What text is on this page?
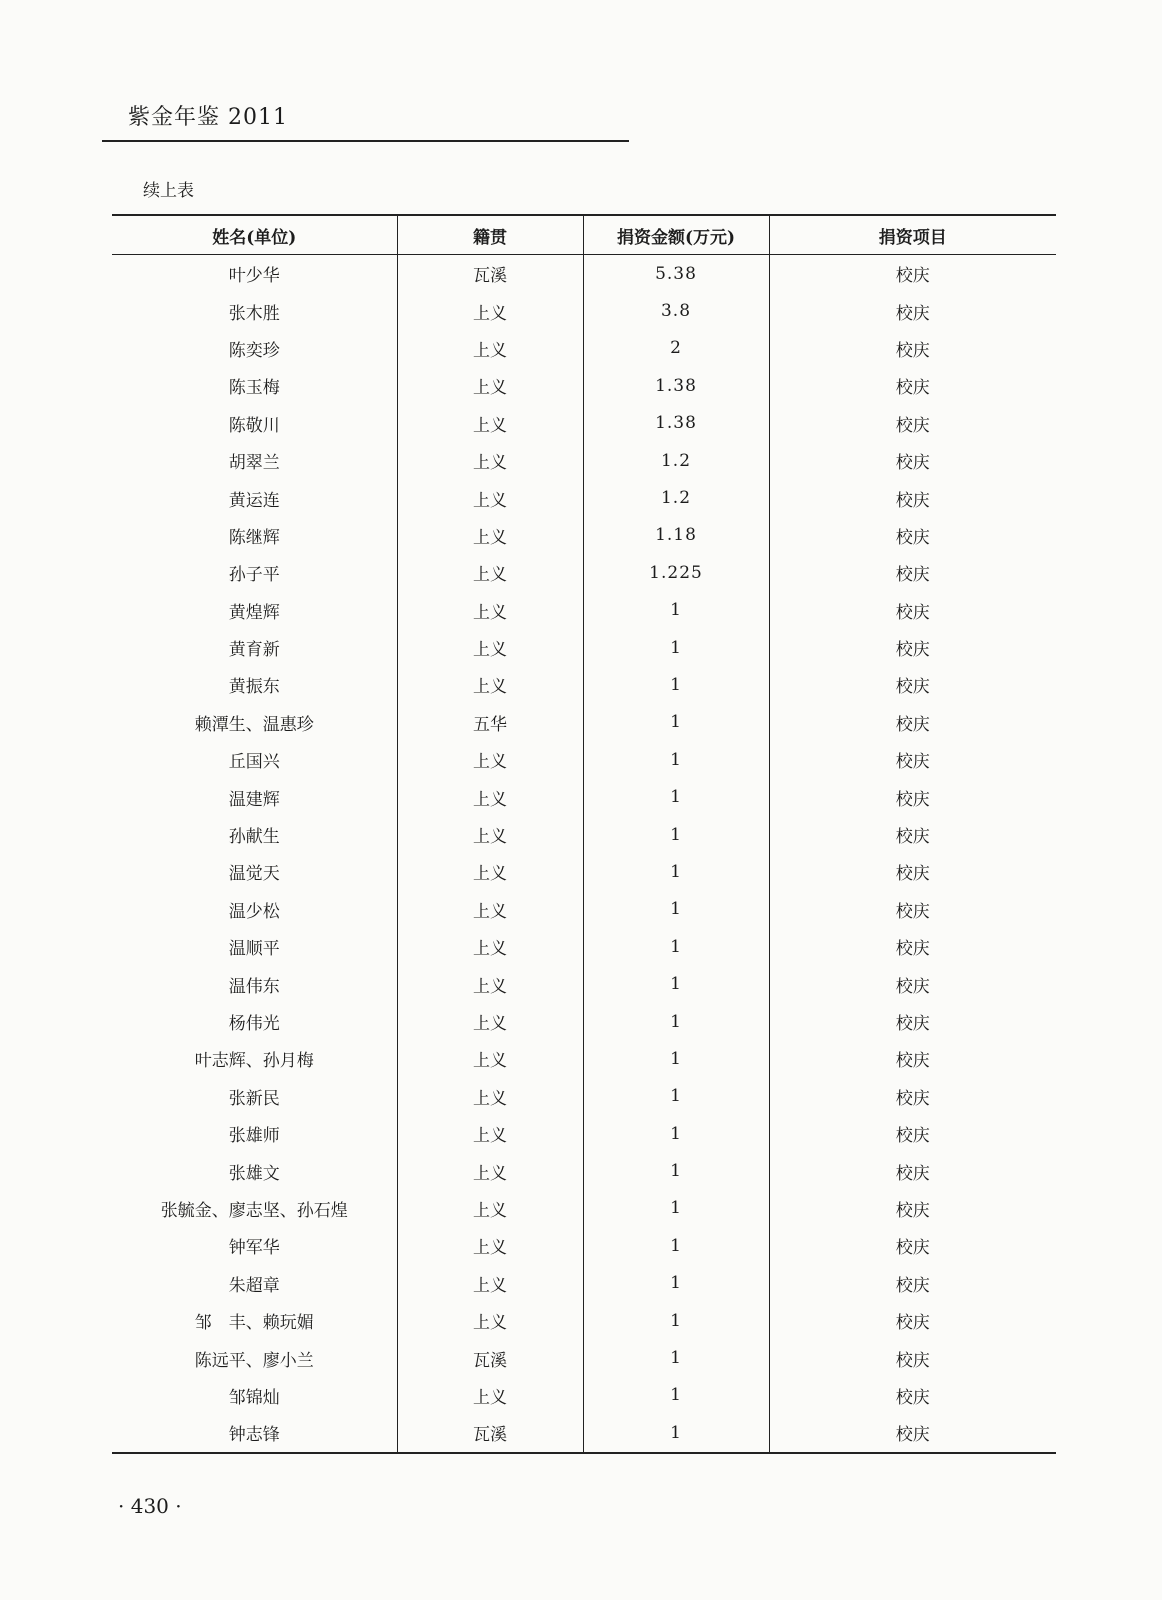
紫金年鉴 2011
续上表
姓名(单位)	籍贯	捐资金额(万元)	捐资项目
叶少华	瓦溪	5.38	校庆
张木胜	上义	3.8	校庆
陈奕珍	上义	2	校庆
陈玉梅	上义	1.38	校庆
陈敬川	上义	1.38	校庆
胡翠兰	上义	1.2	校庆
黄运连	上义	1.2	校庆
陈继辉	上义	1.18	校庆
孙子平	上义	1.225	校庆
黄煌辉	上义	1	校庆
黄育新	上义	1	校庆
黄振东	上义	1	校庆
赖潭生、温惠珍	五华	1	校庆
丘国兴	上义	1	校庆
温建辉	上义	1	校庆
孙献生	上义	1	校庆
温觉天	上义	1	校庆
温少松	上义	1	校庆
温顺平	上义	1	校庆
温伟东	上义	1	校庆
杨伟光	上义	1	校庆
叶志辉、孙月梅	上义	1	校庆
张新民	上义	1	校庆
张雄师	上义	1	校庆
张雄文	上义	1	校庆
张毓金、廖志坚、孙石煌	上义	1	校庆
钟军华	上义	1	校庆
朱超章	上义	1	校庆
邹　丰、赖玩媚	上义	1	校庆
陈远平、廖小兰	瓦溪	1	校庆
邹锦灿	上义	1	校庆
钟志锋	瓦溪	1	校庆
· 430 ·
